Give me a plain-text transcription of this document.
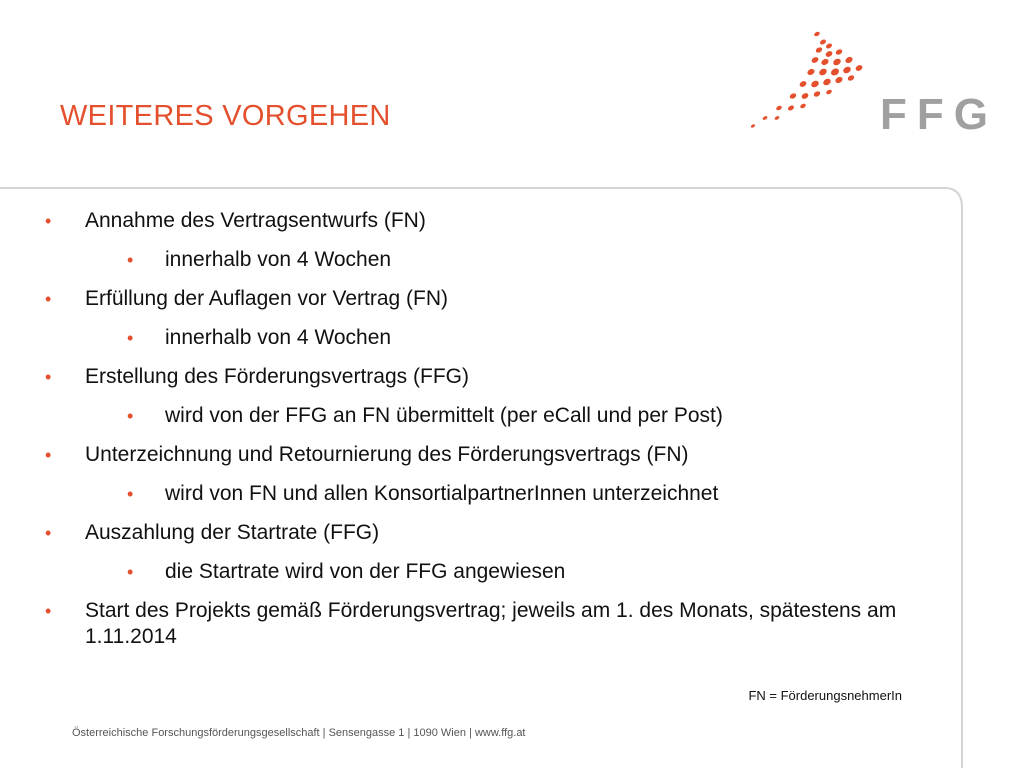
WEITERES VORGEHEN	FFG
• Annahme des Vertragsentwurfs (FN)
• innerhalb von 4 Wochen
• Erfüllung der Auflagen vor Vertrag (FN)
• innerhalb von 4 Wochen
• Erstellung des Förderungsvertrags (FFG)
• wird von der FFG an FN übermittelt (per eCall und per Post)
• Unterzeichnung und Retournierung des Förderungsvertrags (FN)
• wird von FN und allen KonsortialpartnerInnen unterzeichnet
• Auszahlung der Startrate (FFG)
• die Startrate wird von der FFG angewiesen
• Start des Projekts gemäß Förderungsvertrag; jeweils am 1. des Monats, spätestens am 1.11.2014
FN = FörderungsnehmerIn
Österreichische Forschungsförderungsgesellschaft | Sensengasse 1 | 1090 Wien | www.ffg.at
